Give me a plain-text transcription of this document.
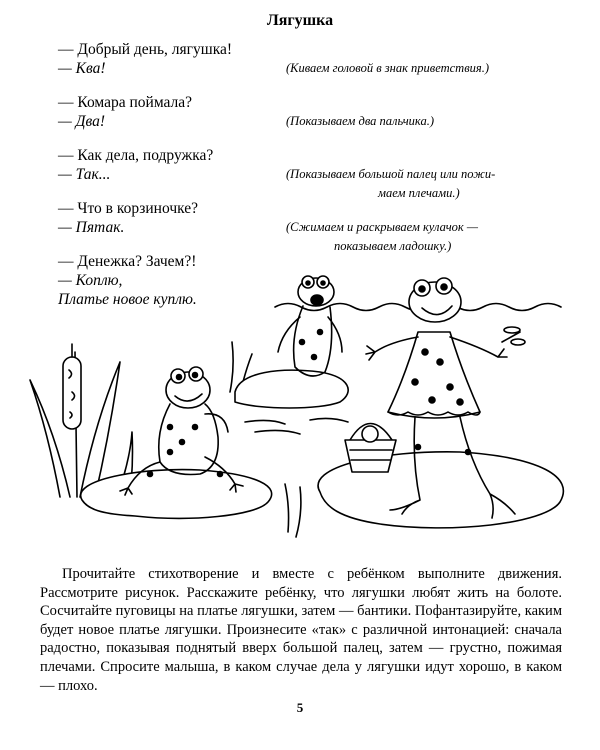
Лягушка
— Добрый день, лягушка!
— Ква!	(Киваем головой в знак приветствия.)
— Комара поймала?
— Два!	(Показываем два пальчика.)
— Как дела, подружка?
— Так...	(Показываем большой палец или пожи-
маем плечами.)
— Что в корзиночке?
— Пятак.	(Сжимаем и раскрываем кулачок —
показываем ладошку.)
— Денежка? Зачем?!
— Коплю,
Платье новое куплю.

Прочитайте стихотворение и вместе с ребёнком выполните движения. Рассмотрите рисунок. Расскажите ребёнку, что лягушки любят жить на болоте. Сосчитайте пуговицы на платье лягушки, затем — бантики. Пофантазируйте, каким будет новое платье лягушки. Произнесите «так» с различной интонацией: сначала радостно, показывая поднятый вверх большой палец, затем — грустно, пожимая плечами. Спросите малыша, в каком случае дела у лягушки идут хорошо, в каком — плохо.

5
